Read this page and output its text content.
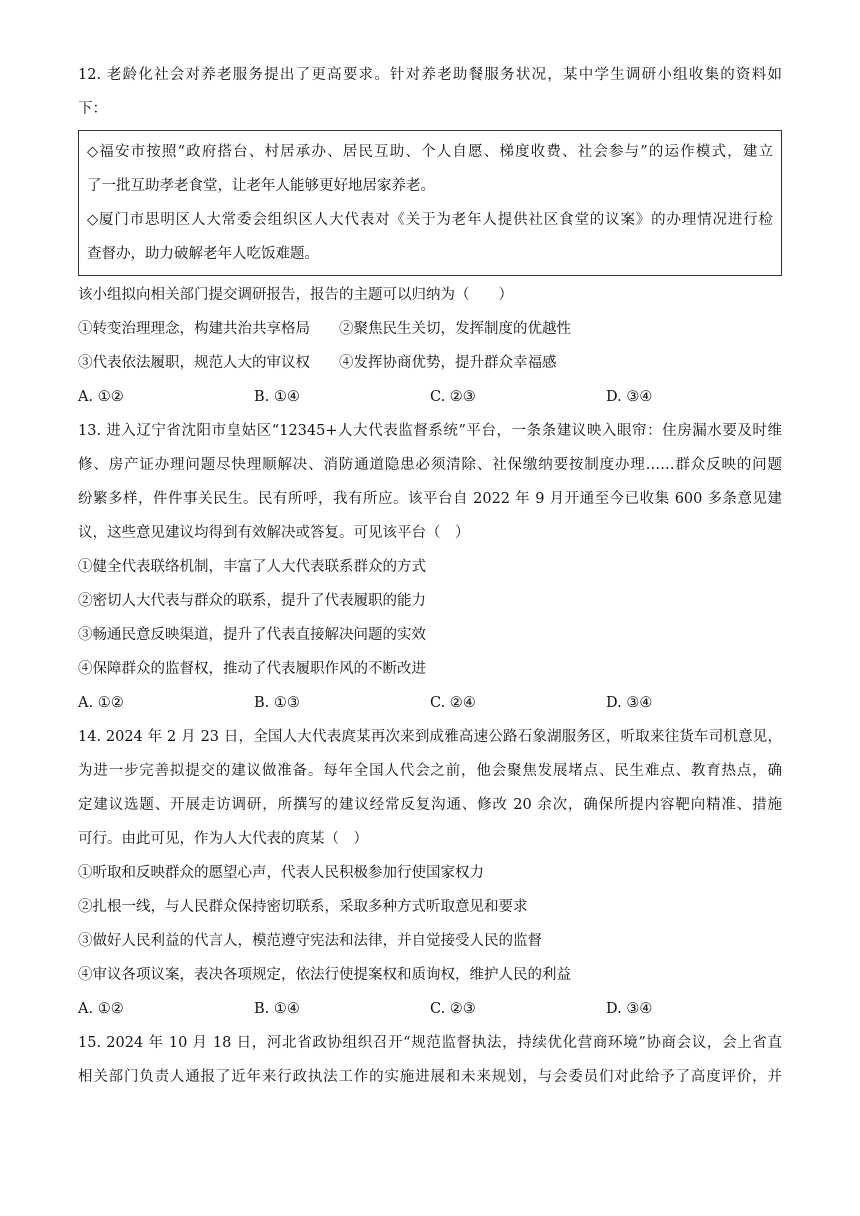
12. 老龄化社会对养老服务提出了更高要求。针对养老助餐服务状况，某中学生调研小组收集的资料如
下：
◇福安市按照“政府搭台、村居承办、居民互助、个人自愿、梯度收费、社会参与”的运作模式，建立
了一批互助孝老食堂，让老年人能够更好地居家养老。
◇厦门市思明区人大常委会组织区人大代表对《关于为老年人提供社区食堂的议案》的办理情况进行检
查督办，助力破解老年人吃饭难题。
该小组拟向相关部门提交调研报告，报告的主题可以归纳为（　　）
①转变治理理念，构建共治共享格局　　②聚焦民生关切，发挥制度的优越性
③代表依法履职，规范人大的审议权　　④发挥协商优势，提升群众幸福感
A. ①②	B. ①④	C. ②③	D. ③④
13. 进入辽宁省沈阳市皇姑区“12345+人大代表监督系统”平台，一条条建议映入眼帘：住房漏水要及时维
修、房产证办理问题尽快理顺解决、消防通道隐患必须清除、社保缴纳要按制度办理……群众反映的问题
纷繁多样，件件事关民生。民有所呼，我有所应。该平台自 2022 年 9 月开通至今已收集 600 多条意见建
议，这些意见建议均得到有效解决或答复。可见该平台（　）
①健全代表联络机制，丰富了人大代表联系群众的方式
②密切人大代表与群众的联系，提升了代表履职的能力
③畅通民意反映渠道，提升了代表直接解决问题的实效
④保障群众的监督权，推动了代表履职作风的不断改进
A. ①②	B. ①③	C. ②④	D. ③④
14. 2024 年 2 月 23 日，全国人大代表庹某再次来到成雅高速公路石象湖服务区，听取来往货车司机意见，
为进一步完善拟提交的建议做准备。每年全国人代会之前，他会聚焦发展堵点、民生难点、教育热点，确
定建议选题、开展走访调研，所撰写的建议经常反复沟通、修改 20 余次，确保所提内容靶向精准、措施
可行。由此可见，作为人大代表的庹某（　）
①听取和反映群众的愿望心声，代表人民积极参加行使国家权力
②扎根一线，与人民群众保持密切联系，采取多种方式听取意见和要求
③做好人民利益的代言人，模范遵守宪法和法律，并自觉接受人民的监督
④审议各项议案，表决各项规定，依法行使提案权和质询权，维护人民的利益
A. ①②	B. ①④	C. ②③	D. ③④
15. 2024 年 10 月 18 日，河北省政协组织召开“规范监督执法，持续优化营商环境”协商会议，会上省直
相关部门负责人通报了近年来行政执法工作的实施进展和未来规划，与会委员们对此给予了高度评价，并
